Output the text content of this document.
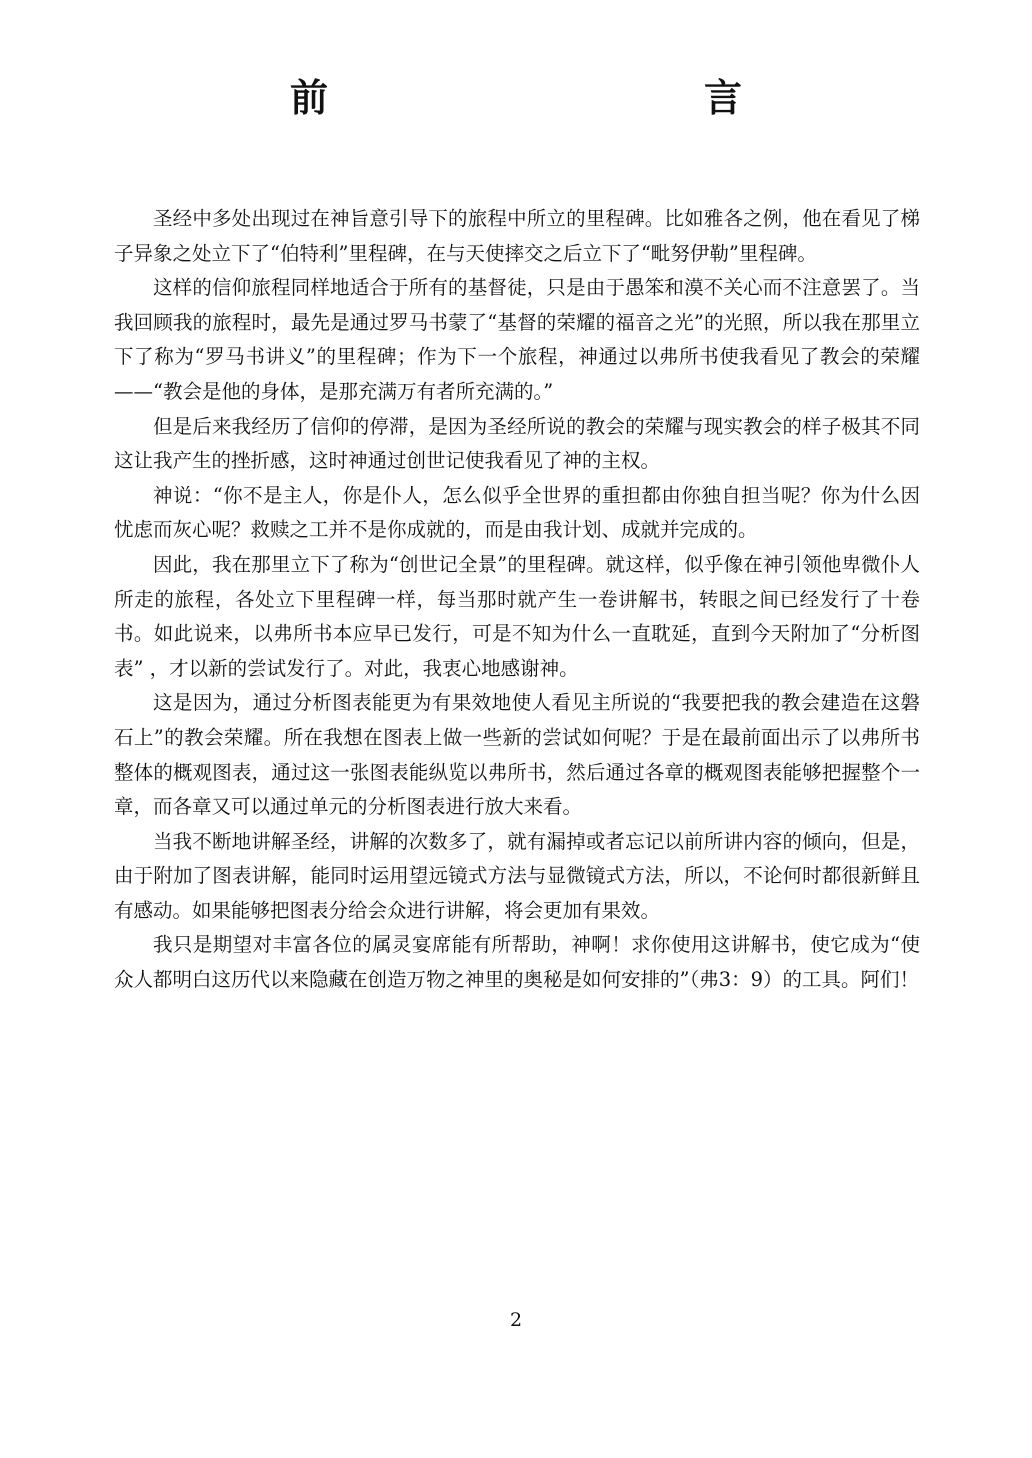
前　　言

圣经中多处出现过在神旨意引导下的旅程中所立的里程碑。比如雅各之例，他在看见了梯子异象之处立下了“伯特利”里程碑，在与天使摔交之后立下了“毗努伊勒”里程碑。

这样的信仰旅程同样地适合于所有的基督徒，只是由于愚笨和漠不关心而不注意罢了。当我回顾我的旅程时，最先是通过罗马书蒙了“基督的荣耀的福音之光”的光照，所以我在那里立下了称为“罗马书讲义”的里程碑；作为下一个旅程，神通过以弗所书使我看见了教会的荣耀——“教会是他的身体，是那充满万有者所充满的。”

但是后来我经历了信仰的停滞，是因为圣经所说的教会的荣耀与现实教会的样子极其不同这让我产生的挫折感，这时神通过创世记使我看见了神的主权。

神说：“你不是主人，你是仆人，怎么似乎全世界的重担都由你独自担当呢？你为什么因忧虑而灰心呢？救赎之工并不是你成就的，而是由我计划、成就并完成的。

因此，我在那里立下了称为“创世记全景”的里程碑。就这样，似乎像在神引领他卑微仆人所走的旅程，各处立下里程碑一样，每当那时就产生一卷讲解书，转眼之间已经发行了十卷书。如此说来，以弗所书本应早已发行，可是不知为什么一直耽延，直到今天附加了“分析图表” ，才以新的尝试发行了。对此，我衷心地感谢神。

这是因为，通过分析图表能更为有果效地使人看见主所说的“我要把我的教会建造在这磐石上”的教会荣耀。所在我想在图表上做一些新的尝试如何呢？于是在最前面出示了以弗所书整体的概观图表，通过这一张图表能纵览以弗所书，然后通过各章的概观图表能够把握整个一章，而各章又可以通过单元的分析图表进行放大来看。

当我不断地讲解圣经，讲解的次数多了，就有漏掉或者忘记以前所讲内容的倾向，但是，由于附加了图表讲解，能同时运用望远镜式方法与显微镜式方法，所以，不论何时都很新鲜且有感动。如果能够把图表分给会众进行讲解，将会更加有果效。

我只是期望对丰富各位的属灵宴席能有所帮助，神啊！求你使用这讲解书，使它成为“使众人都明白这历代以来隐藏在创造万物之神里的奥秘是如何安排的”（弗3：9）的工具。阿们！

2
